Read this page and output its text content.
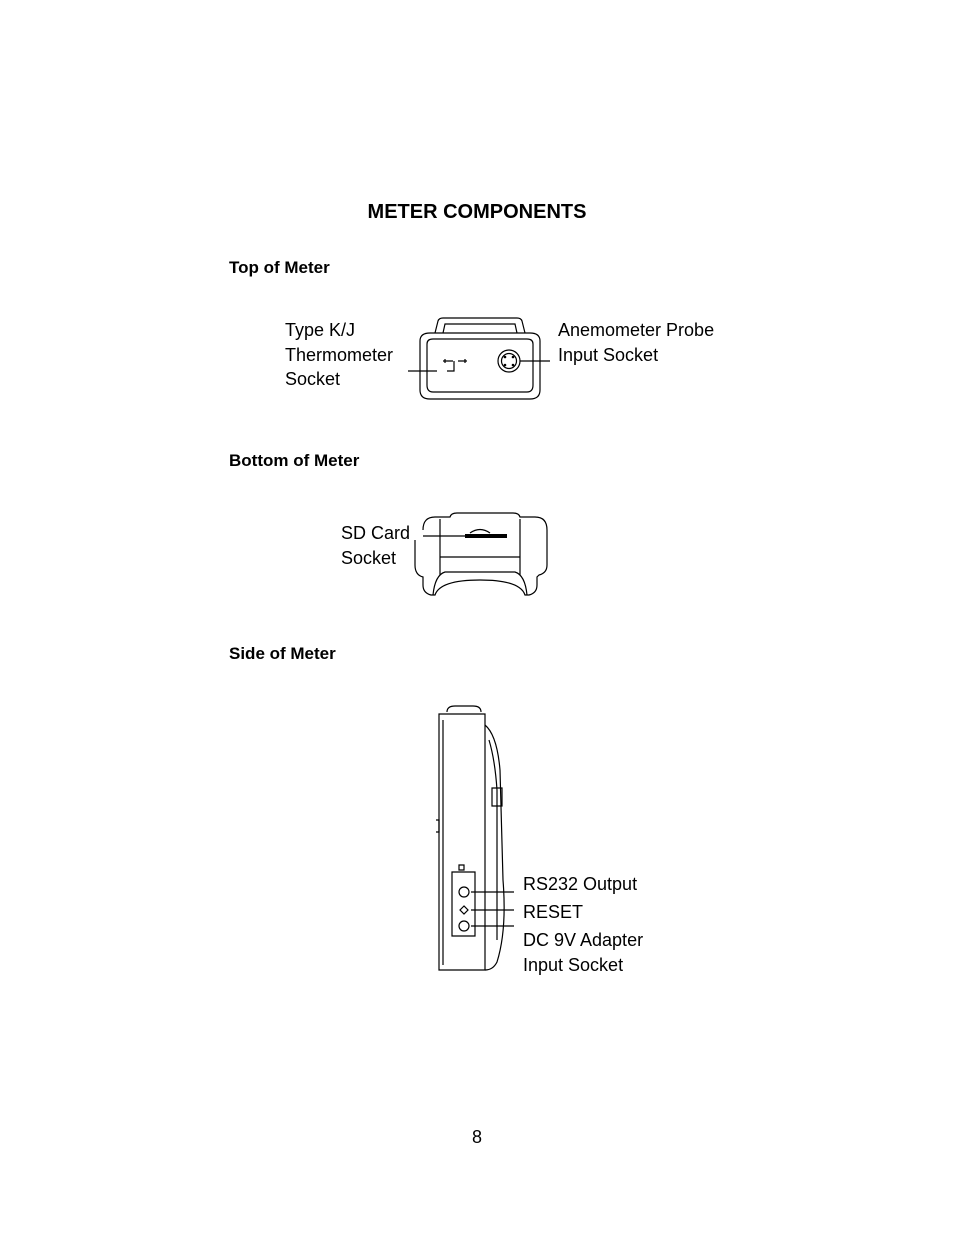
METER COMPONENTS
Top of Meter
Type K/J
Thermometer
Socket
Anemometer Probe
Input Socket
Bottom of Meter
SD Card
Socket
Side of Meter
RS232 Output
RESET
DC 9V Adapter
Input Socket
8
